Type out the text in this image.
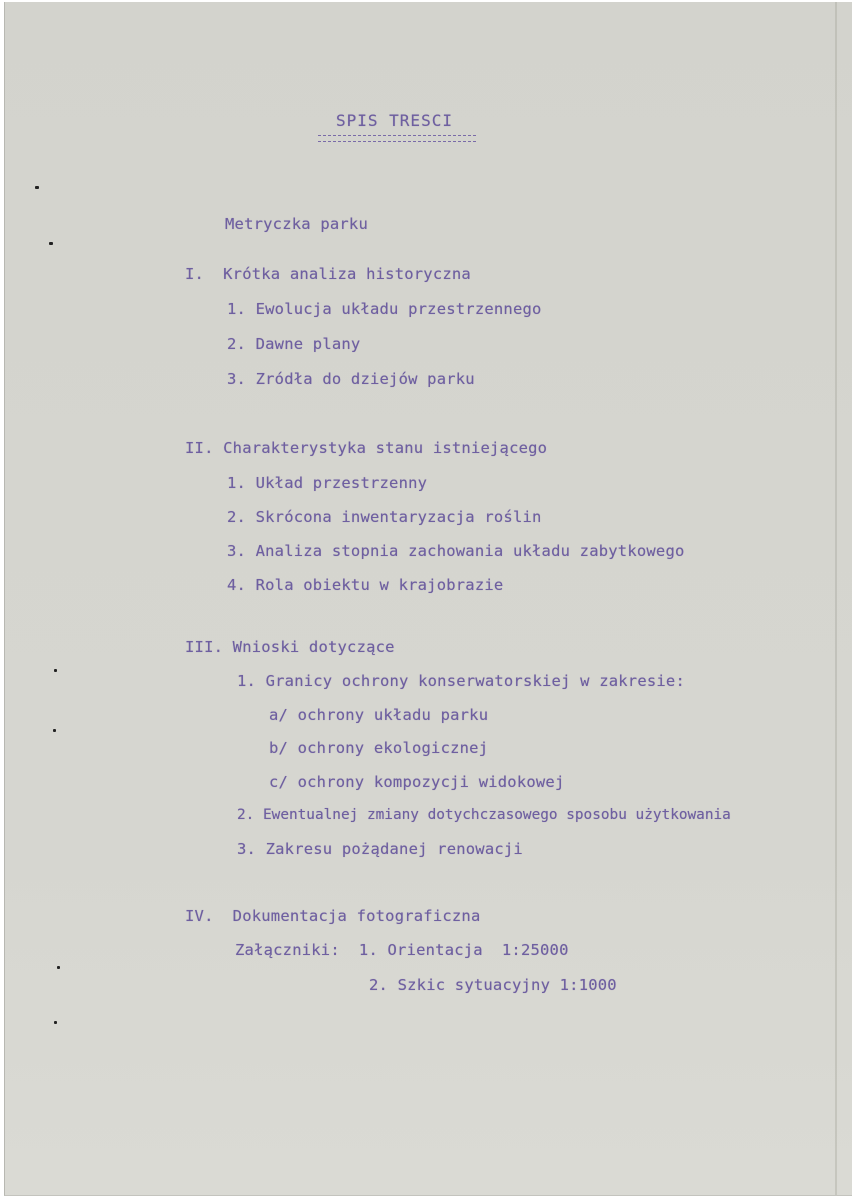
SPIS TRESCI

Metryczka parku

I.  Krótka analiza historyczna

1. Ewolucja układu przestrzennego

2. Dawne plany

3. Zródła do dziejów parku

II. Charakterystyka stanu istniejącego

1. Układ przestrzenny

2. Skrócona inwentaryzacja roślin

3. Analiza stopnia zachowania układu zabytkowego

4. Rola obiektu w krajobrazie

III. Wnioski dotyczące

1. Granicy ochrony konserwatorskiej w zakresie:

a/ ochrony układu parku

b/ ochrony ekologicznej

c/ ochrony kompozycji widokowej

2. Ewentualnej zmiany dotychczasowego sposobu użytkowania

3. Zakresu pożądanej renowacji

IV.  Dokumentacja fotograficzna

Załączniki:  1. Orientacja  1:25000

2. Szkic sytuacyjny 1:1000
